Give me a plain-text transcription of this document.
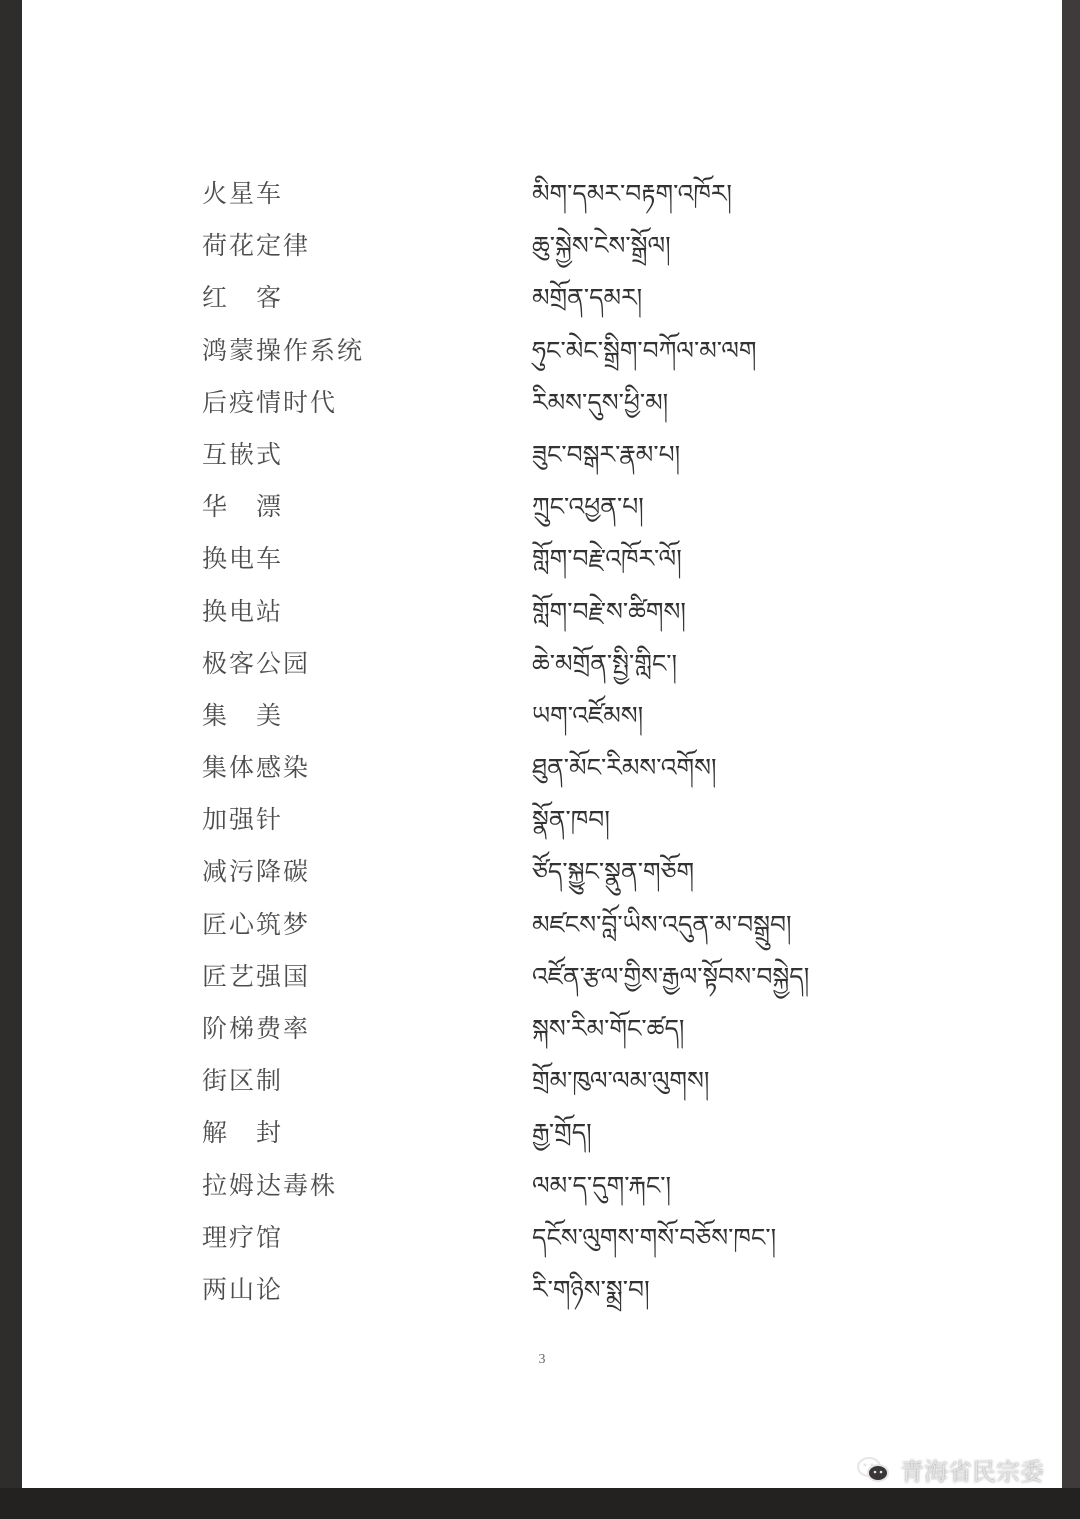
火星车	མིག་དམར་བརྟག་འཁོར།
荷花定律	ཆུ་སྐྱེས་ངེས་སྒྲོལ།
红　客	མགྲོན་དམར།
鸿蒙操作系统	ཧུང་མེང་སྒྲིག་བཀོལ་མ་ལག
后疫情时代	རིམས་དུས་ཕྱི་མ།
互嵌式	ཟུང་བསྒར་རྣམ་པ།
华　漂	ཀྲུང་འཕྱན་པ།
换电车	གློག་བརྗེ་འཁོར་ལོ།
换电站	གློག་བརྗེ་ས་ཚིགས།
极客公园	ཆེ་མགྲོན་སྤྱི་གླིང་།
集　美	ཡག་འཛོམས།
集体感染	ཐུན་མོང་རིམས་འགོས།
加强针	སྣོན་ཁབ།
减污降碳	ཙོད་སྐྱུང་སྣུན་གཅོག
匠心筑梦	མཛངས་བློ་ཡིས་འདུན་མ་བསྒྲུབ།
匠艺强国	འཛོན་རྩལ་གྱིས་རྒྱལ་སྟོབས་བསྐྱེད།
阶梯费率	སྐས་རིམ་གོང་ཚད།
街区制	གྲོམ་ཁུལ་ལམ་ལུགས།
解　封	རྒྱ་གྲོད།
拉姆达毒株	ལམ་ད་དུག་རྐང་།
理疗馆	དངོས་ལུགས་གསོ་བཅོས་ཁང་།
两山论	རི་གཉིས་སྨྲ་བ།
3
青海省民宗委
